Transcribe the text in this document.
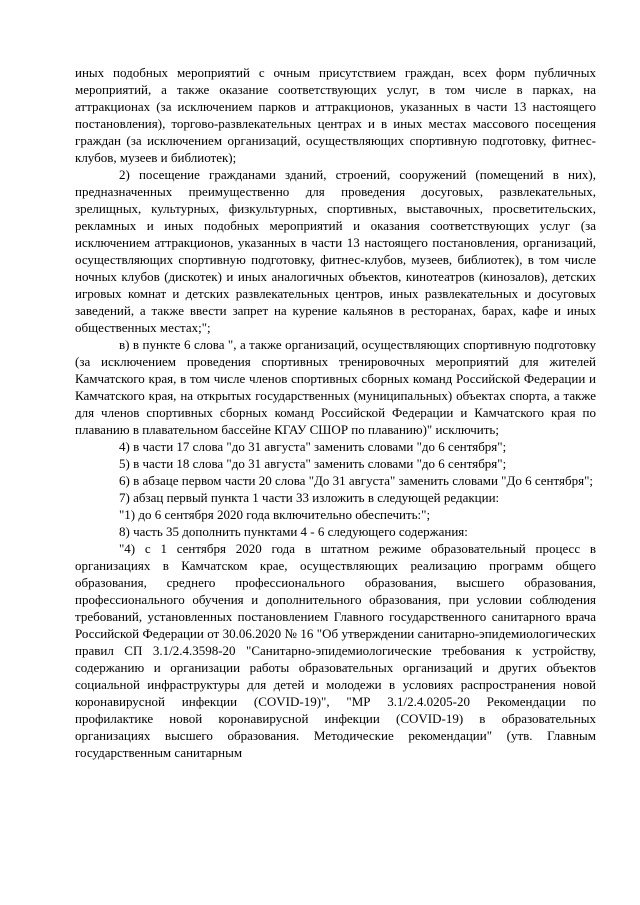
иных подобных мероприятий с очным присутствием граждан, всех форм публичных мероприятий, а также оказание соответствующих услуг, в том числе в парках, на аттракционах (за исключением парков и аттракционов, указанных в части 13 настоящего постановления), торгово-развлекательных центрах и в иных местах массового посещения граждан (за исключением организаций, осуществляющих спортивную подготовку, фитнес-клубов, музеев и библиотек);

2) посещение гражданами зданий, строений, сооружений (помещений в них), предназначенных преимущественно для проведения досуговых, развлекательных, зрелищных, культурных, физкультурных, спортивных, выставочных, просветительских, рекламных и иных подобных мероприятий и оказания соответствующих услуг (за исключением аттракционов, указанных в части 13 настоящего постановления, организаций, осуществляющих спортивную подготовку, фитнес-клубов, музеев, библиотек), в том числе ночных клубов (дискотек) и иных аналогичных объектов, кинотеатров (кинозалов), детских игровых комнат и детских развлекательных центров, иных развлекательных и досуговых заведений, а также ввести запрет на курение кальянов в ресторанах, барах, кафе и иных общественных местах;";

в) в пункте 6 слова ", а также организаций, осуществляющих спортивную подготовку (за исключением проведения спортивных тренировочных мероприятий для жителей Камчатского края, в том числе членов спортивных сборных команд Российской Федерации и Камчатского края, на открытых государственных (муниципальных) объектах спорта, а также для членов спортивных сборных команд Российской Федерации и Камчатского края по плаванию в плавательном бассейне КГАУ СШОР по плаванию)" исключить;

4) в части 17 слова "до 31 августа" заменить словами "до 6 сентября";

5) в части 18 слова "до 31 августа" заменить словами "до 6 сентября";

6) в абзаце первом части 20 слова "До 31 августа" заменить словами "До 6 сентября";

7) абзац первый пункта 1 части 33 изложить в следующей редакции:

"1) до 6 сентября 2020 года включительно обеспечить:";

8) часть 35 дополнить пунктами 4 - 6 следующего содержания:

"4) с 1 сентября 2020 года в штатном режиме образовательный процесс в организациях в Камчатском крае, осуществляющих реализацию программ общего образования, среднего профессионального образования, высшего образования, профессионального обучения и дополнительного образования, при условии соблюдения требований, установленных постановлением Главного государственного санитарного врача Российской Федерации от 30.06.2020 № 16 "Об утверждении санитарно-эпидемиологических правил СП 3.1/2.4.3598-20 "Санитарно-эпидемиологические требования к устройству, содержанию и организации работы образовательных организаций и других объектов социальной инфраструктуры для детей и молодежи в условиях распространения новой коронавирусной инфекции (COVID-19)", "МР 3.1/2.4.0205-20 Рекомендации по профилактике новой коронавирусной инфекции (COVID-19) в образовательных организациях высшего образования. Методические рекомендации" (утв. Главным государственным санитарным
